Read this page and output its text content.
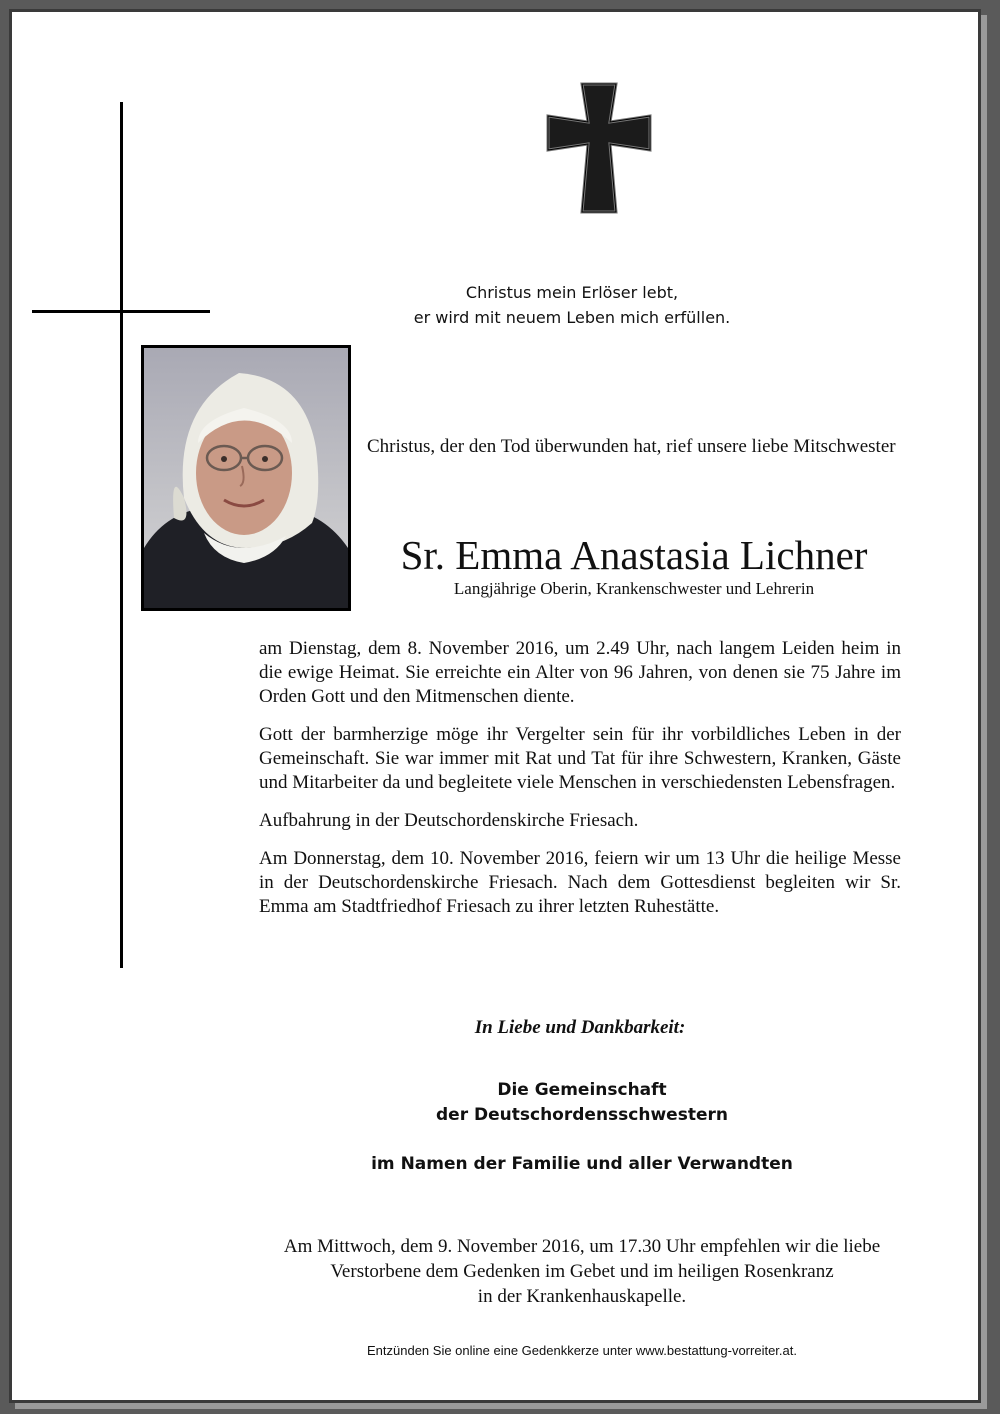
Christus mein Erlöser lebt,
er wird mit neuem Leben mich erfüllen.
Christus, der den Tod überwunden hat, rief unsere liebe Mitschwester
Sr. Emma Anastasia Lichner
Langjährige Oberin, Krankenschwester und Lehrerin

am Dienstag, dem 8. November 2016, um 2.49 Uhr, nach langem Leiden heim in die ewige Heimat. Sie erreichte ein Alter von 96 Jahren, von denen sie 75 Jahre im Orden Gott und den Mitmenschen diente.

Gott der barmherzige möge ihr Vergelter sein für ihr vorbildliches Leben in der Gemeinschaft. Sie war immer mit Rat und Tat für ihre Schwestern, Kranken, Gäste und Mitarbeiter da und begleitete viele Menschen in verschiedensten Lebensfragen.

Aufbahrung in der Deutschordenskirche Friesach.

Am Donnerstag, dem 10. November 2016, feiern wir um 13 Uhr die heilige Messe in der Deutschordenskirche Friesach. Nach dem Gottesdienst begleiten wir Sr. Emma am Stadtfriedhof Friesach zu ihrer letzten Ruhestätte.

In Liebe und Dankbarkeit:
Die Gemeinschaft
der Deutschordensschwestern
im Namen der Familie und aller Verwandten
Am Mittwoch, dem 9. November 2016, um 17.30 Uhr empfehlen wir die liebe
Verstorbene dem Gedenken im Gebet und im heiligen Rosenkranz
in der Krankenhauskapelle.
Entzünden Sie online eine Gedenkkerze unter www.bestattung-vorreiter.at.
